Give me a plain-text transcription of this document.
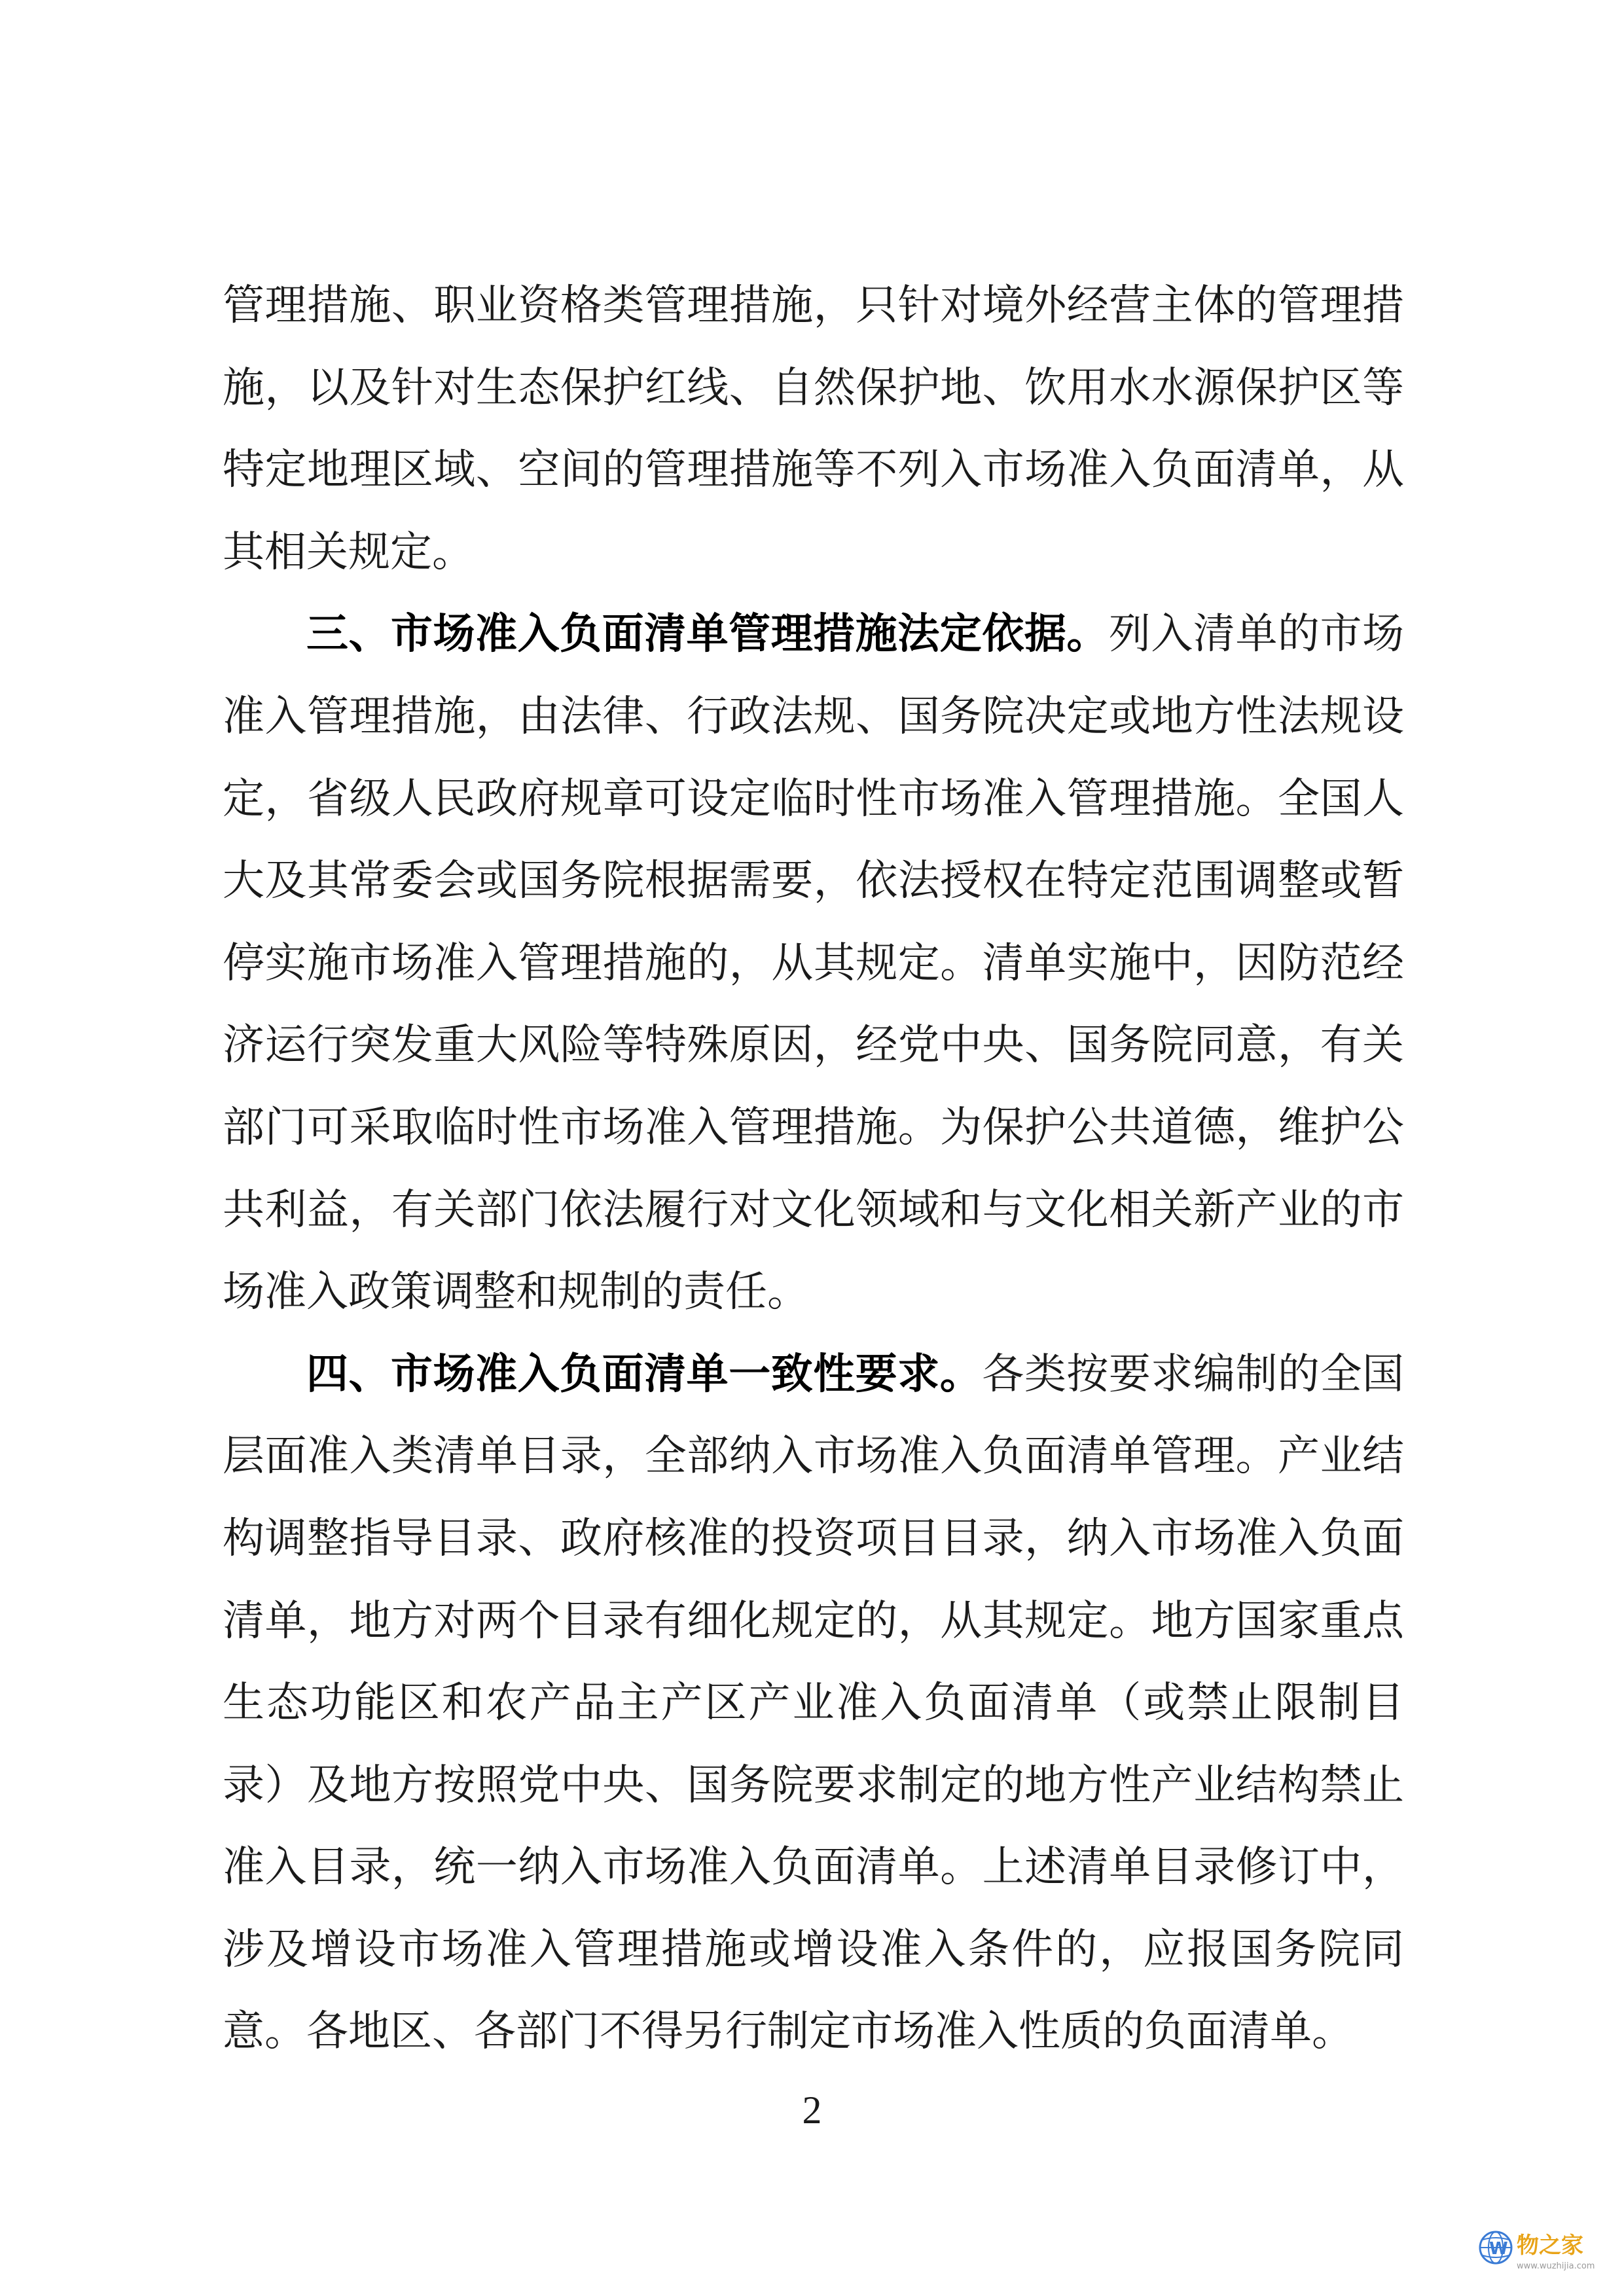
管理措施、职业资格类管理措施，只针对境外经营主体的管理措施，以及针对生态保护红线、自然保护地、饮用水水源保护区等特定地理区域、空间的管理措施等不列入市场准入负面清单，从其相关规定。

三、市场准入负面清单管理措施法定依据。列入清单的市场准入管理措施，由法律、行政法规、国务院决定或地方性法规设定，省级人民政府规章可设定临时性市场准入管理措施。全国人大及其常委会或国务院根据需要，依法授权在特定范围调整或暂停实施市场准入管理措施的，从其规定。清单实施中，因防范经济运行突发重大风险等特殊原因，经党中央、国务院同意，有关部门可采取临时性市场准入管理措施。为保护公共道德，维护公共利益，有关部门依法履行对文化领域和与文化相关新产业的市场准入政策调整和规制的责任。

四、市场准入负面清单一致性要求。各类按要求编制的全国层面准入类清单目录，全部纳入市场准入负面清单管理。产业结构调整指导目录、政府核准的投资项目目录，纳入市场准入负面清单，地方对两个目录有细化规定的，从其规定。地方国家重点生态功能区和农产品主产区产业准入负面清单（或禁止限制目录）及地方按照党中央、国务院要求制定的地方性产业结构禁止准入目录，统一纳入市场准入负面清单。上述清单目录修订中，涉及增设市场准入管理措施或增设准入条件的，应报国务院同意。各地区、各部门不得另行制定市场准入性质的负面清单。

2
W 物之家
www.wuzhijia.com
